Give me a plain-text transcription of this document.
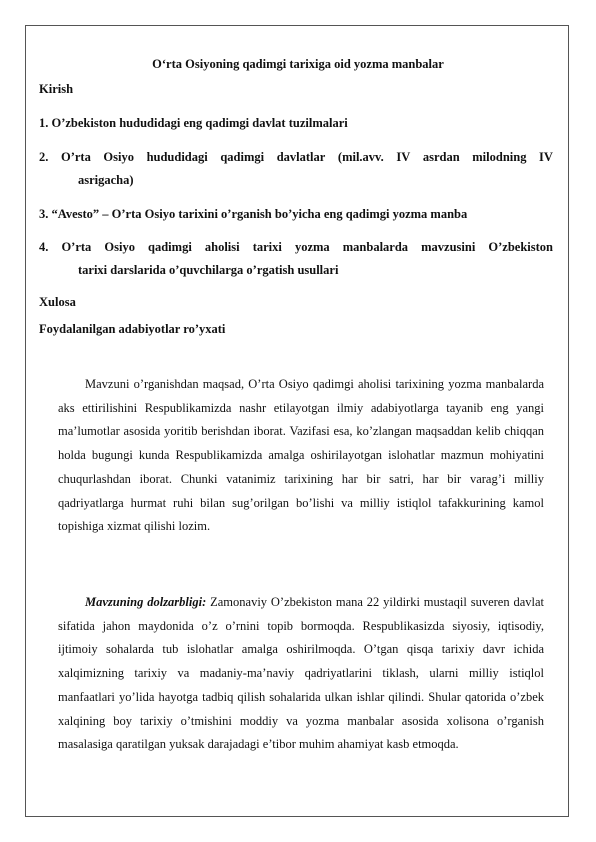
O‘rta Osiyoning qadimgi tarixiga oid yozma manbalar
Kirish
1. O’zbekiston hududidagi eng qadimgi davlat tuzilmalari
2. O’rta Osiyo hududidagi qadimgi davlatlar (mil.avv. IV asrdan milodning IV
asrigacha)
3. “Avesto” – O’rta Osiyo tarixini o’rganish bo’yicha eng qadimgi yozma manba
4. O’rta Osiyo qadimgi aholisi tarixi yozma manbalarda mavzusini O’zbekiston
tarixi darslarida o’quvchilarga o’rgatish usullari
Xulosa
Foydalanilgan adabiyotlar ro’yxati
Mavzuni o’rganishdan maqsad, O’rta Osiyo qadimgi aholisi tarixining yozma manbalarda aks ettirilishini Respublikamizda nashr etilayotgan ilmiy adabiyotlarga tayanib eng yangi ma’lumotlar asosida yoritib berishdan iborat. Vazifasi esa, ko’zlangan maqsaddan kelib chiqqan holda bugungi kunda Respublikamizda amalga oshirilayotgan islohatlar mazmun mohiyatini chuqurlashdan iborat. Chunki vatanimiz tarixining har bir satri, har bir varag’i milliy qadriyatlarga hurmat ruhi bilan sug’orilgan bo’lishi va milliy istiqlol tafakkurining kamol topishiga xizmat qilishi lozim.
Mavzuning dolzarbligi: Zamonaviy O’zbekiston mana 22 yildirki mustaqil suveren davlat sifatida jahon maydonida o’z o’rnini topib bormoqda. Respublikasizda siyosiy, iqtisodiy, ijtimoiy sohalarda tub islohatlar amalga oshirilmoqda. O’tgan qisqa tarixiy davr ichida xalqimizning tarixiy va madaniy-ma’naviy qadriyatlarini tiklash, ularni milliy istiqlol manfaatlari yo’lida hayotga tadbiq qilish sohalarida ulkan ishlar qilindi. Shular qatorida o’zbek xalqining boy tarixiy o’tmishini moddiy va yozma manbalar asosida xolisona o’rganish masalasiga qaratilgan yuksak darajadagi e’tibor muhim ahamiyat kasb etmoqda.
